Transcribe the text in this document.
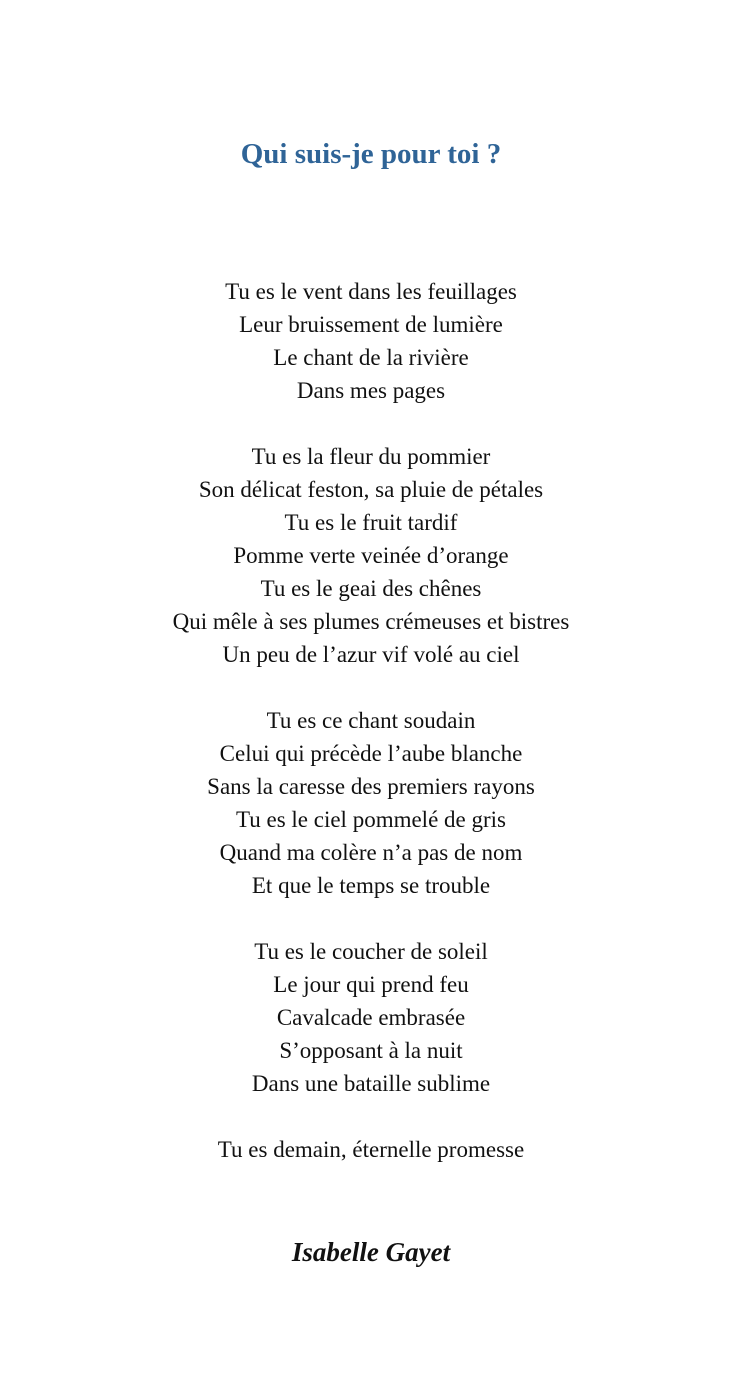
Qui suis-je pour toi ?
Tu es le vent dans les feuillages
Leur bruissement de lumière
Le chant de la rivière
Dans mes pages
Tu es la fleur du pommier
Son délicat feston, sa pluie de pétales
Tu es le fruit tardif
Pomme verte veinée d’orange
Tu es le geai des chênes
Qui mêle à ses plumes crémeuses et bistres
Un peu de l’azur vif volé au ciel
Tu es ce chant soudain
Celui qui précède l’aube blanche
Sans la caresse des premiers rayons
Tu es le ciel pommelé de gris
Quand ma colère n’a pas de nom
Et que le temps se trouble
Tu es le coucher de soleil
Le jour qui prend feu
Cavalcade embrasée
S’opposant à la nuit
Dans une bataille sublime
Tu es demain, éternelle promesse
Isabelle Gayet
